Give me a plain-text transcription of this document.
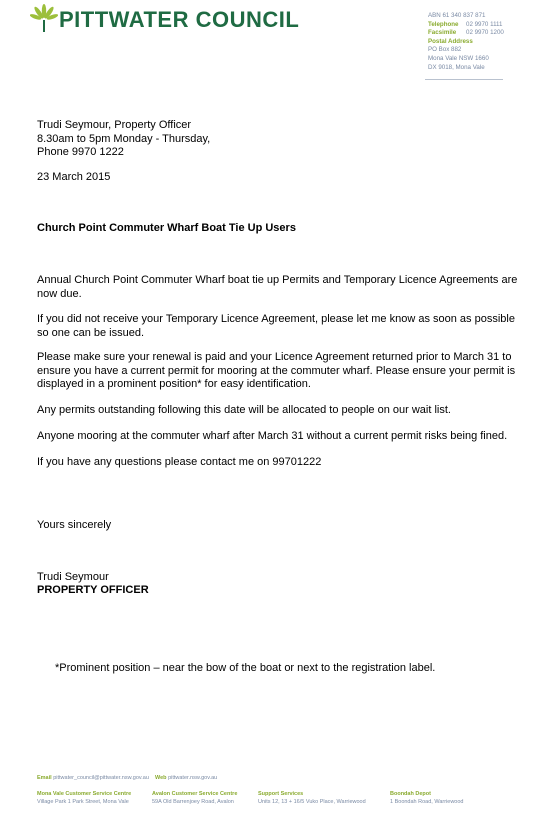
PITTWATER COUNCIL	ABN 61 340 837 871
Telephone 02 9970 1111
Facsimile 02 9970 1200
Postal Address
PO Box 882
Mona Vale NSW 1660
DX 9018, Mona Vale
Trudi Seymour, Property Officer
8.30am to 5pm Monday - Thursday,
Phone 9970 1222
23 March 2015
Church Point Commuter Wharf Boat Tie Up Users
Annual Church Point Commuter Wharf boat tie up Permits and Temporary Licence Agreements are now due.
If you did not receive your Temporary Licence Agreement, please let me know as soon as possible so one can be issued.
Please make sure your renewal is paid and your Licence Agreement returned prior to March 31 to ensure you have a current permit for mooring at the commuter wharf. Please ensure your permit is displayed in a prominent position* for easy identification.
Any permits outstanding following this date will be allocated to people on our wait list.
Anyone mooring at the commuter wharf after March 31 without a current permit risks being fined.
If you have any questions please contact me on 99701222
Yours sincerely
Trudi Seymour
PROPERTY OFFICER
*Prominent position – near the bow of the boat or next to the registration label.
Email pittwater_council@pittwater.nsw.gov.au Web pittwater.nsw.gov.au
Mona Vale Customer Service Centre
Village Park 1 Park Street, Mona Vale
Avalon Customer Service Centre
59A Old Barrenjoey Road, Avalon
Support Services
Units 12, 13 + 16/5 Vuko Place, Warriewood
Boondah Depot
1 Boondah Road, Warriewood
